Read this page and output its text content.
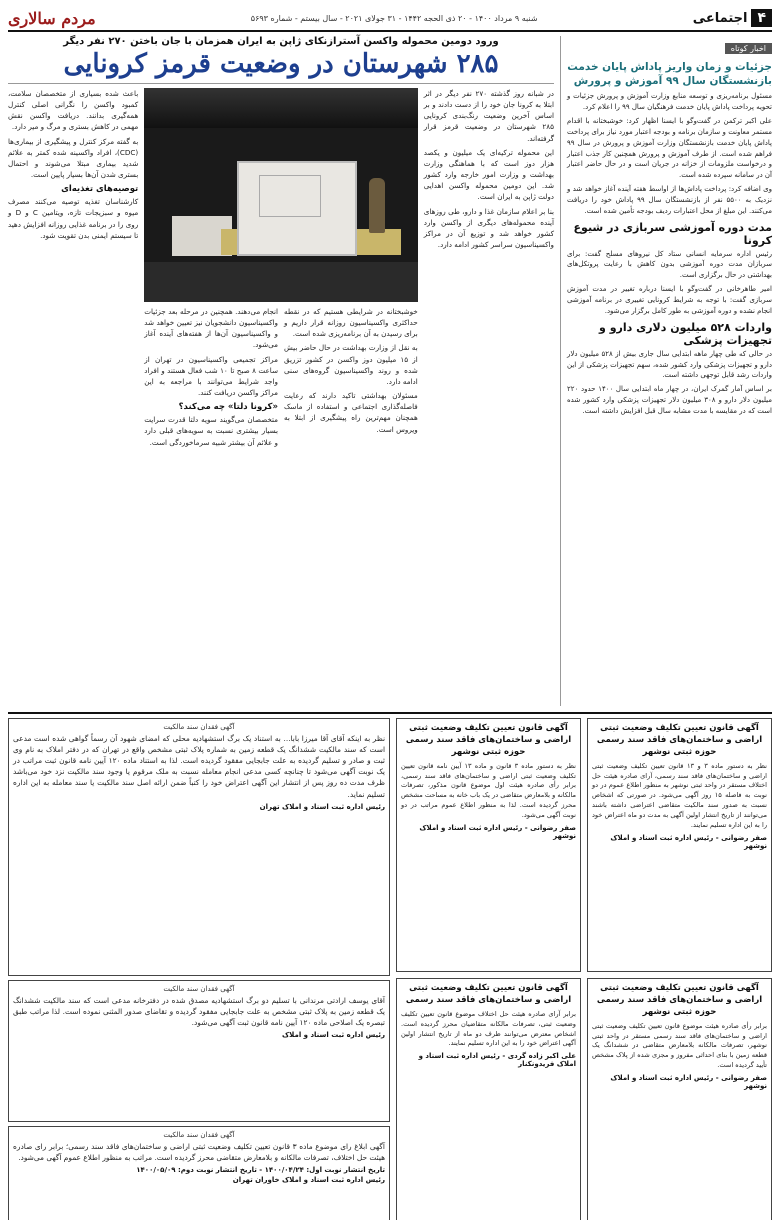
۴
اجتماعی
شنبه ۹ مرداد ۱۴۰۰ - ۲۰ ذی الحجه ۱۴۴۲ - ۳۱ جولای ۲۰۲۱ - سال بیستم - شماره ۵۶۹۳
مردم سالاری
اخبار کوتاه
جزئیات و زمان واریز پاداش پایان خدمت بازنشستگان سال ۹۹ آموزش و پرورش

مسئول برنامه‌ریزی و توسعه منابع وزارت آموزش و پرورش جزئیات و تحویه پرداخت پاداش پایان خدمت فرهنگیان سال ۹۹ را اعلام کرد.

علی اکبر ترکمن در گفت‌وگو با ایسنا اظهار کرد: خوشبختانه با اقدام مستمر معاونت و سازمان برنامه و بودجه اعتبار مورد نیاز برای پرداخت پاداش پایان خدمت بازنشستگان وزارت آموزش و پرورش در سال ۹۹ فراهم شده است. از طرف آموزش و پرورش همچنین کار جذب اعتبار و درخواست ملزومات از خزانه در جریان است و در حال حاضر اعتبار آن در سامانه سپرده شده است.

وی اضافه کرد: پرداخت پاداش‌ها از اواسط هفته آینده آغاز خواهد شد و نزدیک به ۵۵۰۰ نفر از بازنشستگان سال ۹۹ پاداش خود را دریافت می‌کنند. این مبلغ از محل اعتبارات ردیف بودجه تأمین شده است.

مدت دوره آموزشی سربازی در شیوع کرونا

رئیس اداره سرمایه انسانی ستاد کل نیروهای مسلح گفت: برای سربازان مدت دوره آموزشی بدون کاهش با رعایت پروتکل‌های بهداشتی در حال برگزاری است.

امیر طاهرخانی در گفت‌وگو با ایسنا درباره تغییر در مدت آموزش سربازی گفت: با توجه به شرایط کرونایی تغییری در برنامه آموزشی انجام نشده و دوره آموزشی به طور کامل برگزار می‌شود.

واردات ۵۲۸ میلیون دلاری دارو و تجهیزات پزشکی

در حالی که طی چهار ماهه ابتدایی سال جاری بیش از ۵۲۸ میلیون دلار دارو و تجهیزات پزشکی وارد کشور شده، سهم تجهیزات پزشکی از این واردات رشد قابل توجهی داشته است.

بر اساس آمار گمرک ایران، در چهار ماه ابتدایی سال ۱۴۰۰ حدود ۲۲۰ میلیون دلار دارو و ۳۰۸ میلیون دلار تجهیزات پزشکی وارد کشور شده است که در مقایسه با مدت مشابه سال قبل افزایش داشته است.

ورود دومین محموله واکسن آسترازنکای ژاپن به ایران همزمان با جان باختن ۲۷۰ نفر دیگر
۲۸۵ شهرستان در وضعیت قرمز کرونایی

در شبانه روز گذشته ۲۷۰ نفر دیگر در اثر ابتلا به کرونا جان خود را از دست دادند و بر اساس آخرین وضعیت رنگ‌بندی کرونایی ۲۸۵ شهرستان در وضعیت قرمز قرار گرفته‌اند.

این محموله ترکیه‌ای یک میلیون و یکصد هزار دوز است که با هماهنگی وزارت بهداشت و وزارت امور خارجه وارد کشور شد. این دومین محموله واکسن اهدایی دولت ژاپن به ایران است.

بنا بر اعلام سازمان غذا و دارو، طی روزهای آینده محموله‌های دیگری از واکسن وارد کشور خواهد شد و توزیع آن در مراکز واکسیناسیون سراسر کشور ادامه دارد.

خوشبختانه در شرایطی هستیم که در نقطه حداکثری واکسیناسیون روزانه قرار داریم و برای رسیدن به آن برنامه‌ریزی شده است.

به نقل از وزارت بهداشت در حال حاضر بیش از ۱۵ میلیون دوز واکسن در کشور تزریق شده و روند واکسیناسیون گروه‌های سنی ادامه دارد.

مسئولان بهداشتی تاکید دارند که رعایت فاصله‌گذاری اجتماعی و استفاده از ماسک همچنان مهم‌ترین راه پیشگیری از ابتلا به ویروس است.

انجام می‌دهند. همچنین در مرحله بعد جزئیات واکسیناسیون دانشجویان نیز تعیین خواهد شد و واکسیناسیون آن‌ها از هفته‌های آینده آغاز می‌شود.

مراکز تجمیعی واکسیناسیون در تهران از ساعت ۸ صبح تا ۱۰ شب فعال هستند و افراد واجد شرایط می‌توانند با مراجعه به این مراکز واکسن دریافت کنند.

«کرونا دلتا» چه می‌کند؟

متخصصان می‌گویند سویه دلتا قدرت سرایت بسیار بیشتری نسبت به سویه‌های قبلی دارد و علائم آن بیشتر شبیه سرماخوردگی است.

باعث شده بسیاری از متخصصان سلامت، کمبود واکسن را نگرانی اصلی کنترل همه‌گیری بدانند. دریافت واکسن نقش مهمی در کاهش بستری و مرگ و میر دارد.

به گفته مرکز کنترل و پیشگیری از بیماری‌ها (CDC)، افراد واکسینه شده کمتر به علائم شدید بیماری مبتلا می‌شوند و احتمال بستری شدن آن‌ها بسیار پایین است.

توصیه‌های تغذیه‌ای

کارشناسان تغذیه توصیه می‌کنند مصرف میوه و سبزیجات تازه، ویتامین C و D و روی را در برنامه غذایی روزانه افزایش دهید تا سیستم ایمنی بدن تقویت شود.

آگهی قانون تعیین تکلیف وضعیت ثبتی اراضی و ساختمان‌های فاقد سند رسمی حوزه ثبتی نوشهر

نظر به دستور ماده ۳ و ۱۳ قانون تعیین تکلیف وضعیت ثبتی اراضی و ساختمان‌های فاقد سند رسمی، آرای صادره هیئت حل اختلاف مستقر در واحد ثبتی نوشهر به منظور اطلاع عموم در دو نوبت به فاصله ۱۵ روز آگهی می‌شود. در صورتی که اشخاص نسبت به صدور سند مالکیت متقاضی اعتراضی داشته باشند می‌توانند از تاریخ انتشار اولین آگهی به مدت دو ماه اعتراض خود را به این اداره تسلیم نمایند.

صفر رضوانی - رئیس اداره ثبت اسناد و املاک نوشهر
آگهی قانون تعیین تکلیف وضعیت ثبتی اراضی و ساختمان‌های فاقد سند رسمی حوزه ثبتی نوشهر

برابر رأی صادره هیئت موضوع قانون تعیین تکلیف وضعیت ثبتی اراضی و ساختمان‌های فاقد سند رسمی مستقر در واحد ثبتی نوشهر، تصرفات مالکانه بلامعارض متقاضی در ششدانگ یک قطعه زمین با بنای احداثی مفروز و مجزی شده از پلاک مشخص تأیید گردیده است.

صفر رضوانی - رئیس اداره ثبت اسناد و املاک نوشهر
آگهی قانون تعیین تکلیف وضعیت ثبتی اراضی و ساختمان‌های فاقد سند رسمی حوزه ثبتی نوشهر

نظر به دستور ماده ۳ قانون و ماده ۱۳ آیین نامه قانون تعیین تکلیف وضعیت ثبتی اراضی و ساختمان‌های فاقد سند رسمی، برابر رأی صادره هیئت اول موضوع قانون مذکور، تصرفات مالکانه و بلامعارض متقاضی در یک باب خانه به مساحت مشخص محرز گردیده است. لذا به منظور اطلاع عموم مراتب در دو نوبت آگهی می‌شود.

صفر رضوانی - رئیس اداره ثبت اسناد و املاک نوشهر
آگهی قانون تعیین تکلیف وضعیت ثبتی اراضی و ساختمان‌های فاقد سند رسمی

برابر آرای صادره هیئت حل اختلاف موضوع قانون تعیین تکلیف وضعیت ثبتی، تصرفات مالکانه متقاضیان محرز گردیده است. اشخاص معترض می‌توانند ظرف دو ماه از تاریخ انتشار اولین آگهی اعتراض خود را به این اداره تسلیم نمایند.

علی اکبر زاده گردی - رئیس اداره ثبت اسناد و املاک فریدونکنار
آگهی فقدان سند مالکیت

نظر به اینکه آقای آقا میرزا بابا... به استناد یک برگ استشهادیه محلی که امضای شهود آن رسماً گواهی شده است مدعی است که سند مالکیت ششدانگ یک قطعه زمین به شماره پلاک ثبتی مشخص واقع در تهران که در دفتر املاک به نام وی ثبت و صادر و تسلیم گردیده به علت جابجایی مفقود گردیده است. لذا به استناد ماده ۱۲۰ آیین نامه قانون ثبت مراتب در یک نوبت آگهی می‌شود تا چنانچه کسی مدعی انجام معامله نسبت به ملک مرقوم یا وجود سند مالکیت نزد خود می‌باشد ظرف مدت ده روز پس از انتشار این آگهی اعتراض خود را کتباً ضمن ارائه اصل سند مالکیت یا سند معامله به این اداره تسلیم نماید.

رئیس اداره ثبت اسناد و املاک تهران
آگهی فقدان سند مالکیت

آقای یوسف ارادتی مرندانی با تسلیم دو برگ استشهادیه مصدق شده در دفترخانه مدعی است که سند مالکیت ششدانگ یک قطعه زمین به پلاک ثبتی مشخص به علت جابجایی مفقود گردیده و تقاضای صدور المثنی نموده است. لذا مراتب طبق تبصره یک اصلاحی ماده ۱۲۰ آیین نامه قانون ثبت آگهی می‌شود.

رئیس اداره ثبت اسناد و املاک
آگهی فقدان سند مالکیت

آگهی ابلاغ رای موضوع ماده ۳ قانون تعیین تکلیف وضعیت ثبتی اراضی و ساختمان‌های فاقد سند رسمی؛ برابر رای صادره هیئت حل اختلاف، تصرفات مالکانه و بلامعارض متقاضی محرز گردیده است. مراتب به منظور اطلاع عموم آگهی می‌شود.

تاریخ انتشار نوبت اول: ۱۴۰۰/۰۴/۲۴ - تاریخ انتشار نوبت دوم: ۱۴۰۰/۰۵/۰۹
رئیس اداره ثبت اسناد و املاک خاوران تهران
